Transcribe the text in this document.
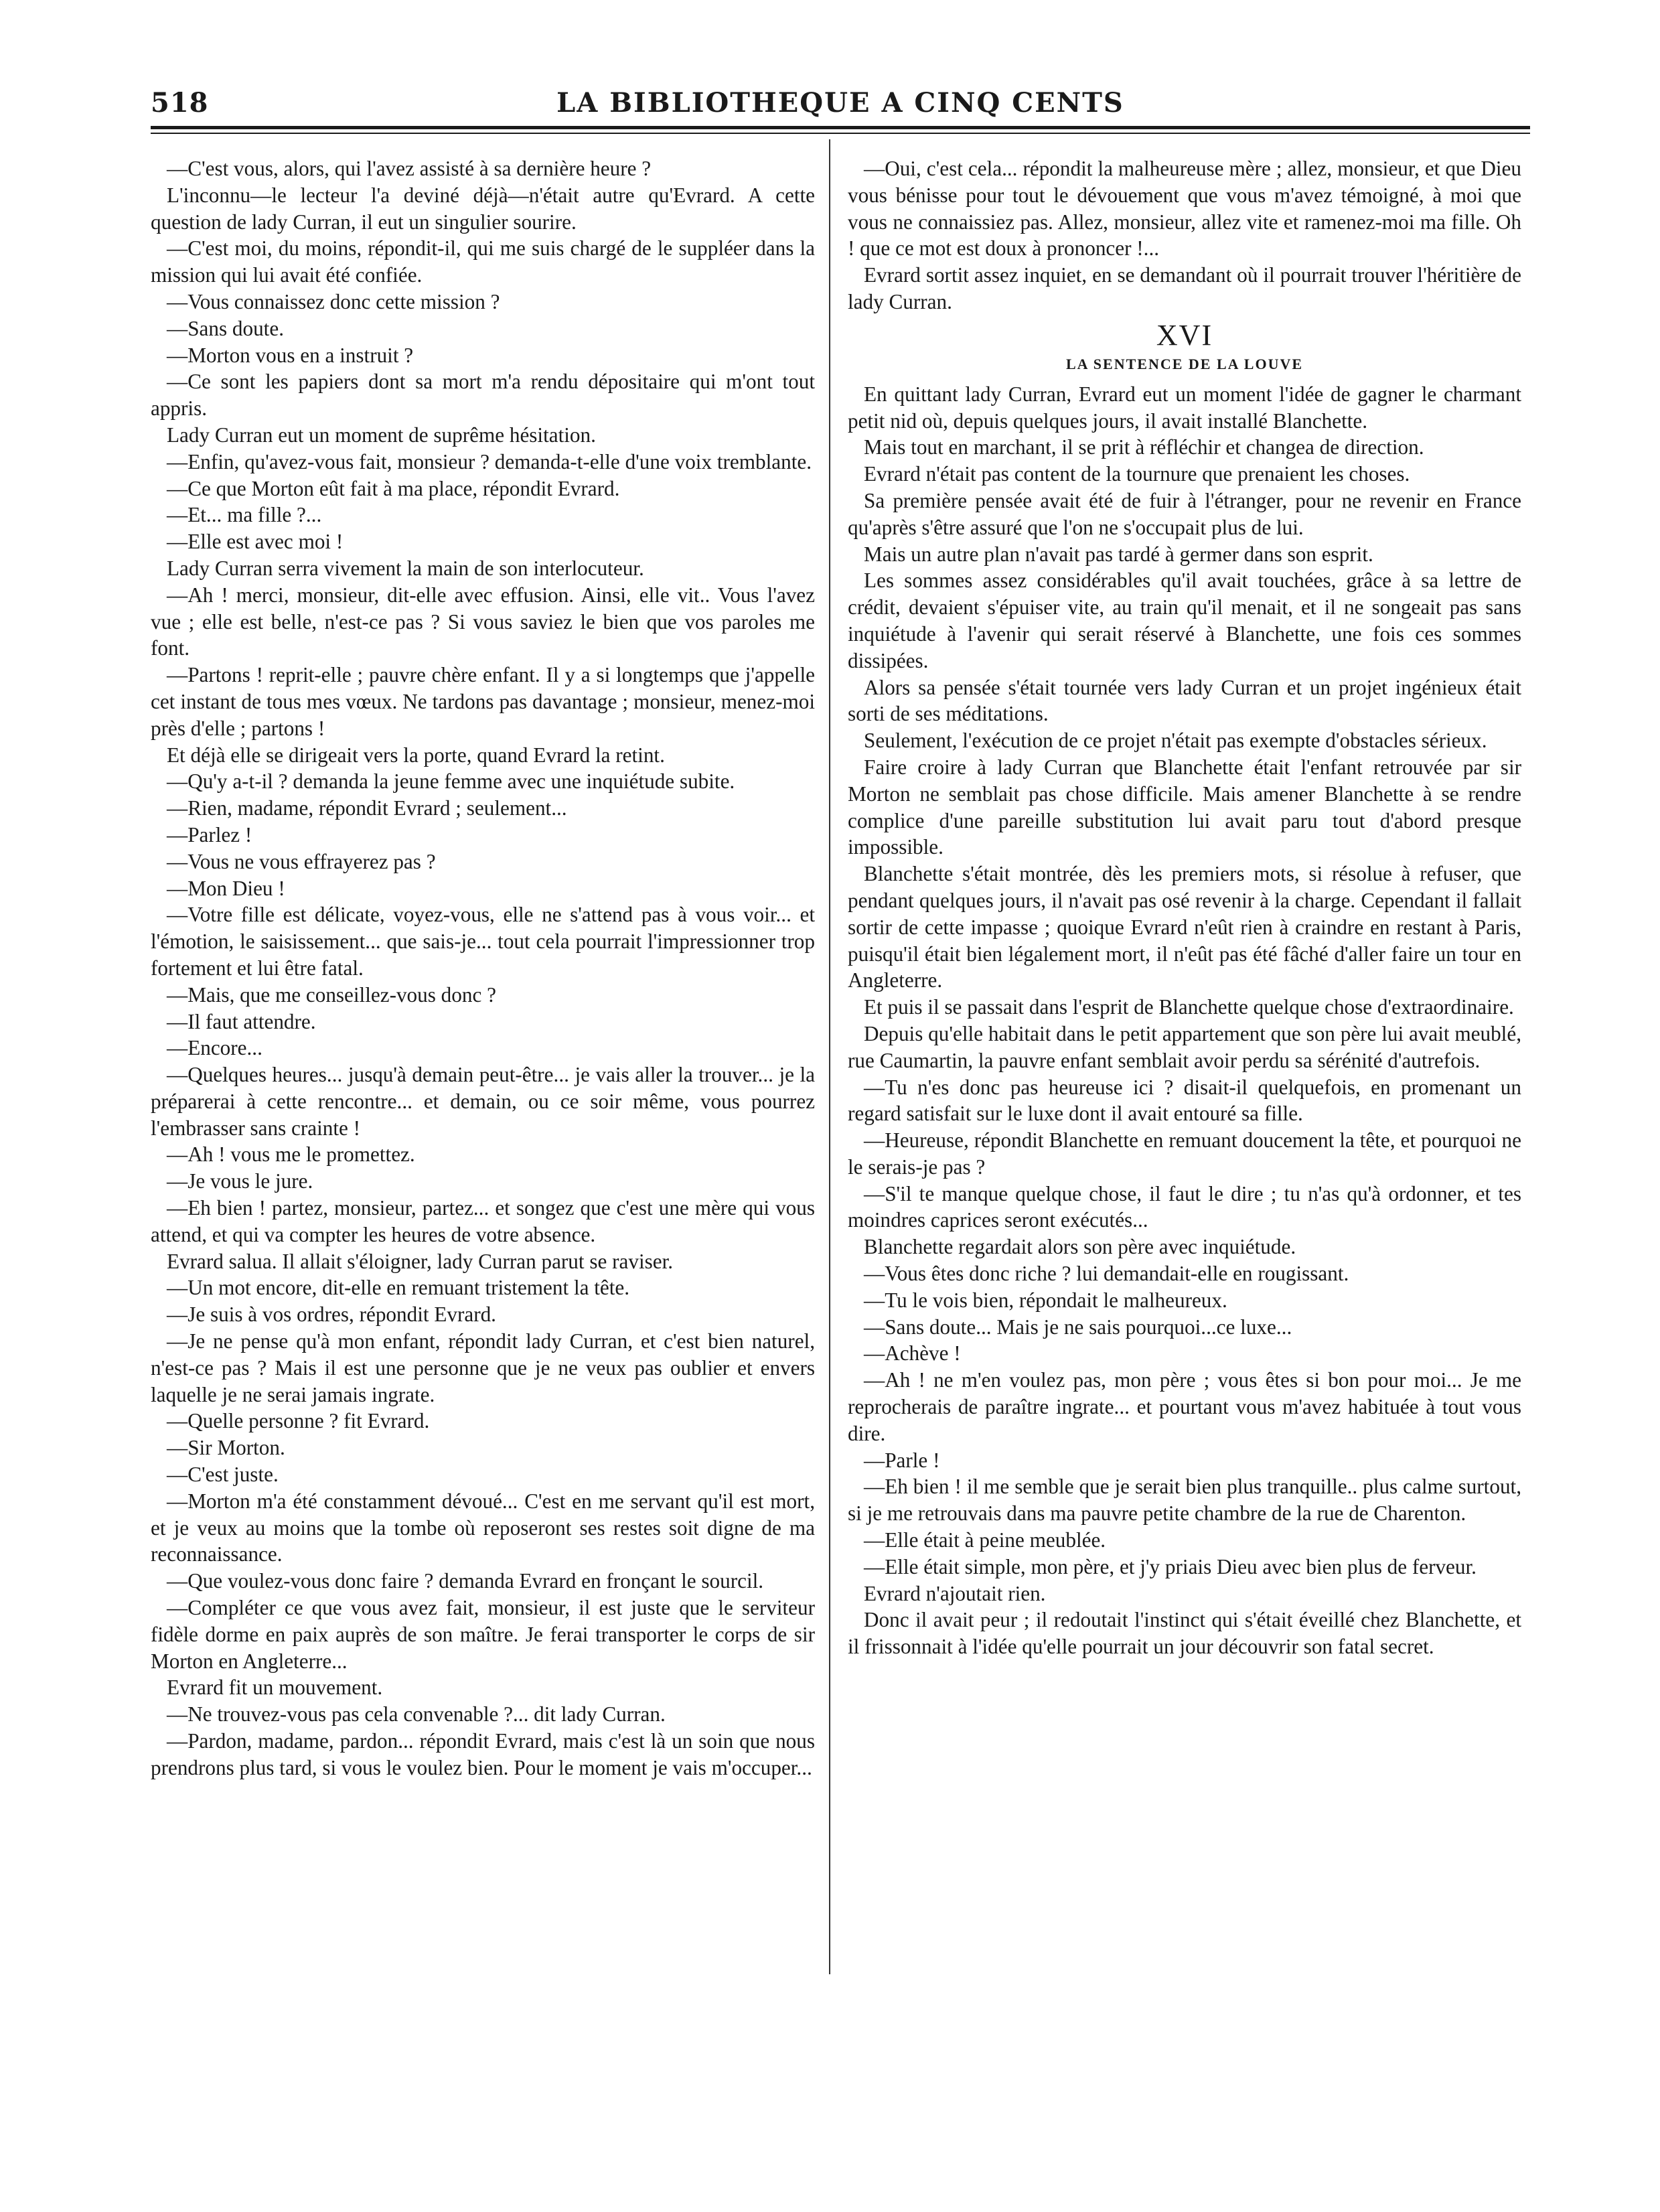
518	LA BIBLIOTHEQUE A CINQ CENTS

—C'est vous, alors, qui l'avez assisté à sa dernière heure ?

L'inconnu—le lecteur l'a deviné déjà—n'était autre qu'Evrard. A cette question de lady Curran, il eut un singulier sourire.

—C'est moi, du moins, répondit-il, qui me suis chargé de le suppléer dans la mission qui lui avait été confiée.

—Vous connaissez donc cette mission ?

—Sans doute.

—Morton vous en a instruit ?

—Ce sont les papiers dont sa mort m'a rendu dépositaire qui m'ont tout appris.

Lady Curran eut un moment de suprême hésitation.

—Enfin, qu'avez-vous fait, monsieur ? demanda-t-elle d'une voix tremblante.

—Ce que Morton eût fait à ma place, répondit Evrard.

—Et... ma fille ?...

—Elle est avec moi !

Lady Curran serra vivement la main de son interlocuteur.

—Ah ! merci, monsieur, dit-elle avec effusion. Ainsi, elle vit.. Vous l'avez vue ; elle est belle, n'est-ce pas ? Si vous saviez le bien que vos paroles me font.

—Partons ! reprit-elle ; pauvre chère enfant. Il y a si longtemps que j'appelle cet instant de tous mes vœux. Ne tardons pas davantage ; monsieur, menez-moi près d'elle ; partons !

Et déjà elle se dirigeait vers la porte, quand Evrard la retint.

—Qu'y a-t-il ? demanda la jeune femme avec une inquiétude subite.

—Rien, madame, répondit Evrard ; seulement...

—Parlez !

—Vous ne vous effrayerez pas ?

—Mon Dieu !

—Votre fille est délicate, voyez-vous, elle ne s'attend pas à vous voir... et l'émotion, le saisissement... que sais-je... tout cela pourrait l'impressionner trop fortement et lui être fatal.

—Mais, que me conseillez-vous donc ?

—Il faut attendre.

—Encore...

—Quelques heures... jusqu'à demain peut-être... je vais aller la trouver... je la préparerai à cette rencontre... et demain, ou ce soir même, vous pourrez l'embrasser sans crainte !

—Ah ! vous me le promettez.

—Je vous le jure.

—Eh bien ! partez, monsieur, partez... et songez que c'est une mère qui vous attend, et qui va compter les heures de votre absence.

Evrard salua. Il allait s'éloigner, lady Curran parut se raviser.

—Un mot encore, dit-elle en remuant tristement la tête.

—Je suis à vos ordres, répondit Evrard.

—Je ne pense qu'à mon enfant, répondit lady Curran, et c'est bien naturel, n'est-ce pas ? Mais il est une personne que je ne veux pas oublier et envers laquelle je ne serai jamais ingrate.

—Quelle personne ? fit Evrard.

—Sir Morton.

—C'est juste.

—Morton m'a été constamment dévoué... C'est en me servant qu'il est mort, et je veux au moins que la tombe où reposeront ses restes soit digne de ma reconnaissance.

—Que voulez-vous donc faire ? demanda Evrard en fronçant le sourcil.

—Compléter ce que vous avez fait, monsieur, il est juste que le serviteur fidèle dorme en paix auprès de son maître. Je ferai transporter le corps de sir Morton en Angleterre...

Evrard fit un mouvement.

—Ne trouvez-vous pas cela convenable ?... dit lady Curran.

—Pardon, madame, pardon... répondit Evrard, mais c'est là un soin que nous prendrons plus tard, si vous le voulez bien. Pour le moment je vais m'occuper...

—Oui, c'est cela... répondit la malheureuse mère ; allez, monsieur, et que Dieu vous bénisse pour tout le dévouement que vous m'avez témoigné, à moi que vous ne connaissiez pas. Allez, monsieur, allez vite et ramenez-moi ma fille. Oh ! que ce mot est doux à prononcer !...

Evrard sortit assez inquiet, en se demandant où il pourrait trouver l'héritière de lady Curran.

XVI
LA SENTENCE DE LA LOUVE

En quittant lady Curran, Evrard eut un moment l'idée de gagner le charmant petit nid où, depuis quelques jours, il avait installé Blanchette.

Mais tout en marchant, il se prit à réfléchir et changea de direction.

Evrard n'était pas content de la tournure que prenaient les choses.

Sa première pensée avait été de fuir à l'étranger, pour ne revenir en France qu'après s'être assuré que l'on ne s'occupait plus de lui.

Mais un autre plan n'avait pas tardé à germer dans son esprit.

Les sommes assez considérables qu'il avait touchées, grâce à sa lettre de crédit, devaient s'épuiser vite, au train qu'il menait, et il ne songeait pas sans inquiétude à l'avenir qui serait réservé à Blanchette, une fois ces sommes dissipées.

Alors sa pensée s'était tournée vers lady Curran et un projet ingénieux était sorti de ses méditations.

Seulement, l'exécution de ce projet n'était pas exempte d'obstacles sérieux.

Faire croire à lady Curran que Blanchette était l'enfant retrouvée par sir Morton ne semblait pas chose difficile. Mais amener Blanchette à se rendre complice d'une pareille substitution lui avait paru tout d'abord presque impossible.

Blanchette s'était montrée, dès les premiers mots, si résolue à refuser, que pendant quelques jours, il n'avait pas osé revenir à la charge. Cependant il fallait sortir de cette impasse ; quoique Evrard n'eût rien à craindre en restant à Paris, puisqu'il était bien légalement mort, il n'eût pas été fâché d'aller faire un tour en Angleterre.

Et puis il se passait dans l'esprit de Blanchette quelque chose d'extraordinaire.

Depuis qu'elle habitait dans le petit appartement que son père lui avait meublé, rue Caumartin, la pauvre enfant semblait avoir perdu sa sérénité d'autrefois.

—Tu n'es donc pas heureuse ici ? disait-il quelquefois, en promenant un regard satisfait sur le luxe dont il avait entouré sa fille.

—Heureuse, répondit Blanchette en remuant doucement la tête, et pourquoi ne le serais-je pas ?

—S'il te manque quelque chose, il faut le dire ; tu n'as qu'à ordonner, et tes moindres caprices seront exécutés...

Blanchette regardait alors son père avec inquiétude.

—Vous êtes donc riche ? lui demandait-elle en rougissant.

—Tu le vois bien, répondait le malheureux.

—Sans doute... Mais je ne sais pourquoi...ce luxe...

—Achève !

—Ah ! ne m'en voulez pas, mon père ; vous êtes si bon pour moi... Je me reprocherais de paraître ingrate... et pourtant vous m'avez habituée à tout vous dire.

—Parle !

—Eh bien ! il me semble que je serait bien plus tranquille.. plus calme surtout, si je me retrouvais dans ma pauvre petite chambre de la rue de Charenton.

—Elle était à peine meublée.

—Elle était simple, mon père, et j'y priais Dieu avec bien plus de ferveur.

Evrard n'ajoutait rien.

Donc il avait peur ; il redoutait l'instinct qui s'était éveillé chez Blanchette, et il frissonnait à l'idée qu'elle pourrait un jour découvrir son fatal secret.
